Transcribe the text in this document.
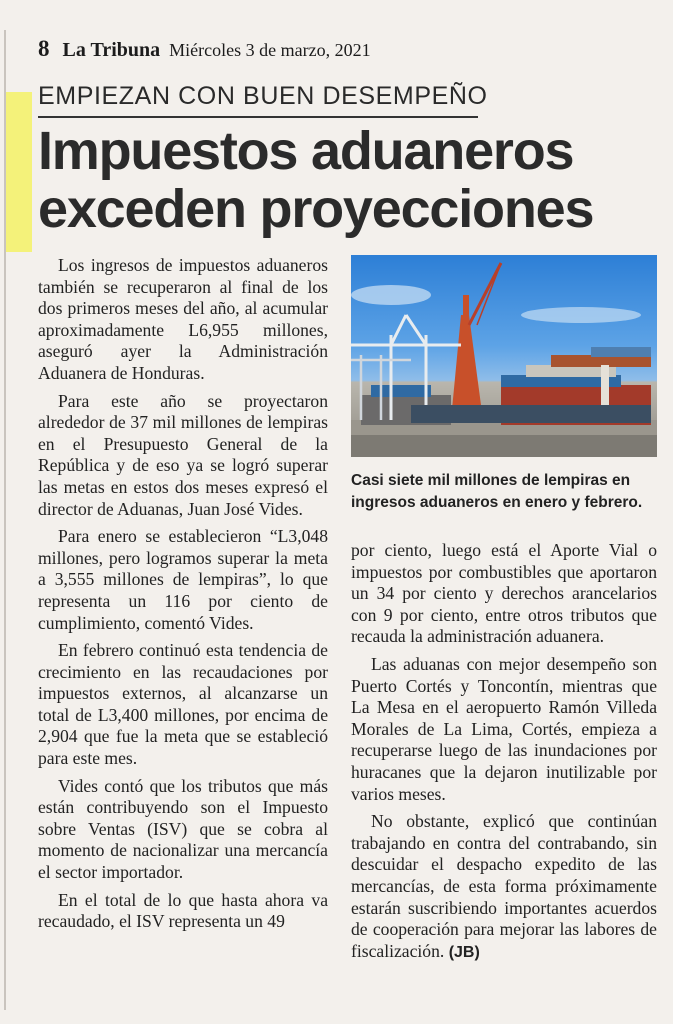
8 La Tribuna Miércoles 3 de marzo, 2021
EMPIEZAN CON BUEN DESEMPEÑO
Impuestos aduaneros
exceden proyecciones

Los ingresos de impuestos aduaneros también se recuperaron al final de los dos primeros meses del año, al acumular aproximadamente L6,955 millones, aseguró ayer la Administración Aduanera de Honduras.

Para este año se proyectaron alrededor de 37 mil millones de lempiras en el Presupuesto General de la República y de eso ya se logró superar las metas en estos dos meses expresó el director de Aduanas, Juan José Vides.

Para enero se establecieron “L3,048 millones, pero logramos superar la meta a 3,555 millones de lempiras”, lo que representa un 116 por ciento de cumplimiento, comentó Vides.

En febrero continuó esta tendencia de crecimiento en las recaudaciones por impuestos externos, al alcanzarse un total de L3,400 millones, por encima de 2,904 que fue la meta que se estableció para este mes.

Vides contó que los tributos que más están contribuyendo son el Impuesto sobre Ventas (ISV) que se cobra al momento de nacionalizar una mercancía el sector importador.

En el total de lo que hasta ahora va recaudado, el ISV representa un 49

Casi siete mil millones de lempiras en ingresos aduaneros en enero y febrero.

por ciento, luego está el Aporte Vial o impuestos por combustibles que aportaron un 34 por ciento y derechos arancelarios con 9 por ciento, entre otros tributos que recauda la administración aduanera.

Las aduanas con mejor desempeño son Puerto Cortés y Toncontín, mientras que La Mesa en el aeropuerto Ramón Villeda Morales de La Lima, Cortés, empieza a recuperarse luego de las inundaciones por huracanes que la dejaron inutilizable por varios meses.

No obstante, explicó que continúan trabajando en contra del contrabando, sin descuidar el despacho expedito de las mercancías, de esta forma próximamente estarán suscribiendo importantes acuerdos de cooperación para mejorar las labores de fiscalización. (JB)
